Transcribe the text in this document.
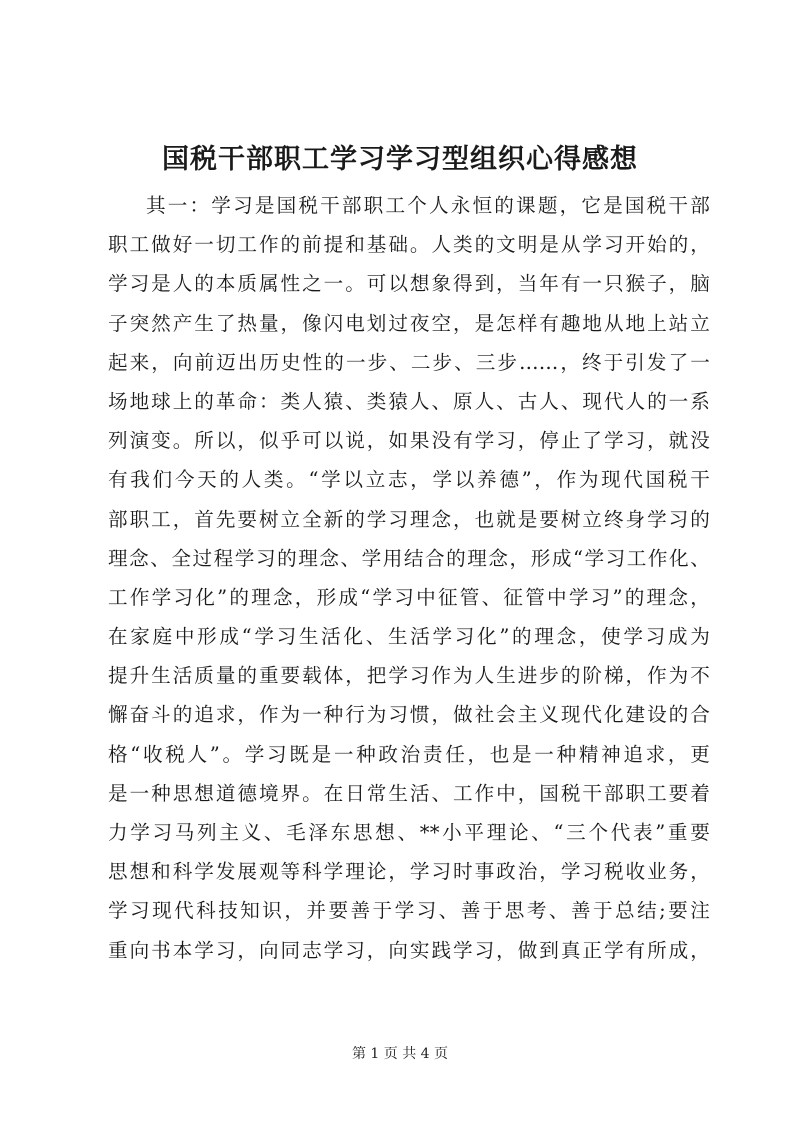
国税干部职工学习学习型组织心得感想
其一：学习是国税干部职工个人永恒的课题，它是国税干部
职工做好一切工作的前提和基础。人类的文明是从学习开始的，
学习是人的本质属性之一。可以想象得到，当年有一只猴子，脑
子突然产生了热量，像闪电划过夜空，是怎样有趣地从地上站立
起来，向前迈出历史性的一步、二步、三步……，终于引发了一
场地球上的革命：类人猿、类猿人、原人、古人、现代人的一系
列演变。所以，似乎可以说，如果没有学习，停止了学习，就没
有我们今天的人类。“学以立志，学以养德”，作为现代国税干
部职工，首先要树立全新的学习理念，也就是要树立终身学习的
理念、全过程学习的理念、学用结合的理念，形成“学习工作化、
工作学习化”的理念，形成“学习中征管、征管中学习”的理念，
在家庭中形成“学习生活化、生活学习化”的理念，使学习成为
提升生活质量的重要载体，把学习作为人生进步的阶梯，作为不
懈奋斗的追求，作为一种行为习惯，做社会主义现代化建设的合
格“收税人”。学习既是一种政治责任，也是一种精神追求，更
是一种思想道德境界。在日常生活、工作中，国税干部职工要着
力学习马列主义、毛泽东思想、**小平理论、“三个代表”重要
思想和科学发展观等科学理论，学习时事政治，学习税收业务，
学习现代科技知识，并要善于学习、善于思考、善于总结;要注
重向书本学习，向同志学习，向实践学习，做到真正学有所成，
第 1 页 共 4 页
